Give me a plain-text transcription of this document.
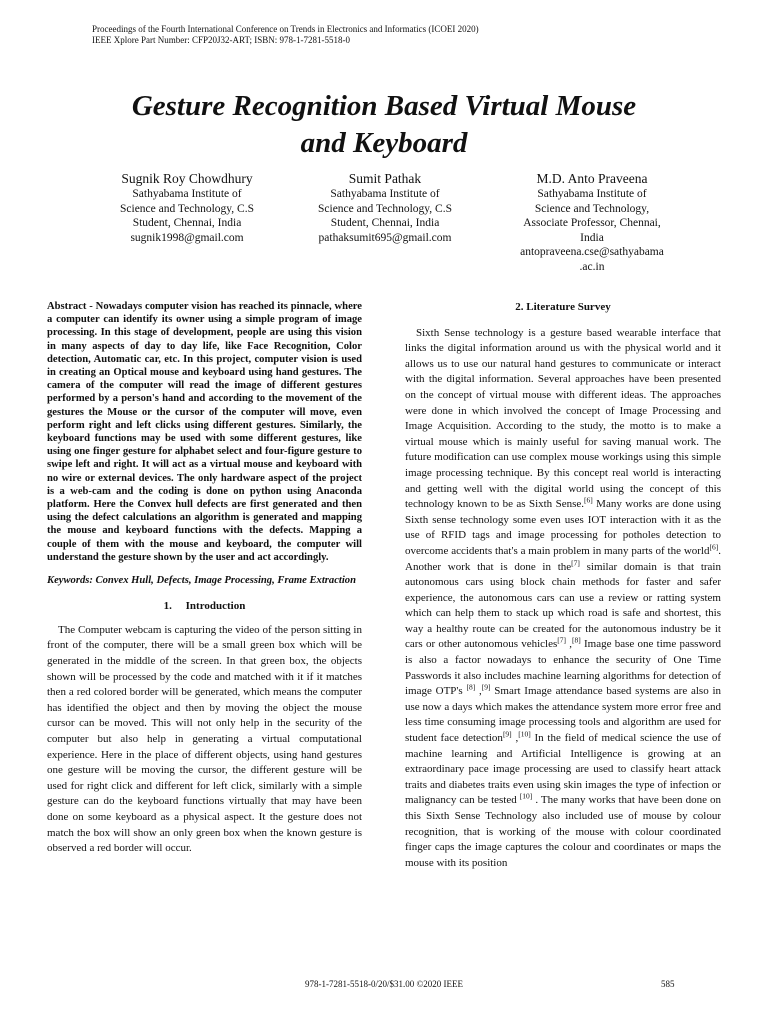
Proceedings of the Fourth International Conference on Trends in Electronics and Informatics (ICOEI 2020)
IEEE Xplore Part Number: CFP20J32-ART; ISBN: 978-1-7281-5518-0
Gesture Recognition Based Virtual Mouse
and Keyboard
Sugnik Roy Chowdhury
Sathyabama Institute of
Science and Technology, C.S
Student, Chennai, India
sugnik1998@gmail.com
Sumit Pathak
Sathyabama Institute of
Science and Technology, C.S
Student, Chennai, India
pathaksumit695@gmail.com
M.D. Anto Praveena
Sathyabama Institute of
Science and Technology,
Associate Professor, Chennai,
India
antopraveena.cse@sathyabama
.ac.in

Abstract - Nowadays computer vision has reached its pinnacle, where a computer can identify its owner using a simple program of image processing. In this stage of development, people are using this vision in many aspects of day to day life, like Face Recognition, Color detection, Automatic car, etc. In this project, computer vision is used in creating an Optical mouse and keyboard using hand gestures. The camera of the computer will read the image of different gestures performed by a person's hand and according to the movement of the gestures the Mouse or the cursor of the computer will move, even perform right and left clicks using different gestures. Similarly, the keyboard functions may be used with some different gestures, like using one finger gesture for alphabet select and four-figure gesture to swipe left and right. It will act as a virtual mouse and keyboard with no wire or external devices. The only hardware aspect of the project is a web-cam and the coding is done on python using Anaconda platform. Here the Convex hull defects are first generated and then using the defect calculations an algorithm is generated and mapping the mouse and keyboard functions with the defects. Mapping a couple of them with the mouse and keyboard, the computer will understand the gesture shown by the user and act accordingly.

Keywords: Convex Hull, Defects, Image Processing, Frame Extraction

1.     Introduction

The Computer webcam is capturing the video of the person sitting in front of the computer, there will be a small green box which will be generated in the middle of the screen. In that green box, the objects shown will be processed by the code and matched with it if it matches then a red colored border will be generated, which means the computer has identified the object and then by moving the object the mouse cursor can be moved. This will not only help in the security of the computer but also help in generating a virtual computational experience. Here in the place of different objects, using hand gestures one gesture will be moving the cursor, the different gesture will be used for right click and different for left click, similarly with a simple gesture can do the keyboard functions virtually that may have been done on some keyboard as a physical aspect. It the gesture does not match the box will show an only green box when the known gesture is observed a red border will occur.

2. Literature Survey

Sixth Sense technology is a gesture based wearable interface that links the digital information around us with the physical world and it allows us to use our natural hand gestures to communicate or interact with the digital information. Several approaches have been presented on the concept of virtual mouse with different ideas. The approaches were done in which involved the concept of Image Processing and Image Acquisition. According to the study, the motto is to make a virtual mouse which is mainly useful for saving manual work. The future modification can use complex mouse workings using this simple image processing technique. By this concept real world is interacting and getting well with the digital world using the concept of this technology known to be as Sixth Sense.[6] Many works are done using Sixth sense technology some even uses IOT interaction with it as the use of RFID tags and image processing for potholes detection to overcome accidents that's a main problem in many parts of the world[6]. Another work that is done in the[7] similar domain is that train autonomous cars using block chain methods for faster and safer experience, the autonomous cars can use a review or ratting system which can help them to stack up which road is safe and shortest, this way a healthy route can be created for the autonomous industry be it cars or other autonomous vehicles[7] ,[8] Image base one time password is also a factor nowadays to enhance the security of One Time Passwords it also includes machine learning algorithms for detection of image OTP's [8] ,[9] Smart Image attendance based systems are also in use now a days which makes the attendance system more error free and less time consuming image processing tools and algorithm are used for student face detection[9] ,[10] In the field of medical science the use of machine learning and Artificial Intelligence is growing at an extraordinary pace image processing are used to classify heart attack traits and diabetes traits even using skin images the type of infection or malignancy can be tested [10] . The many works that have been done on this Sixth Sense Technology also included use of mouse by colour recognition, that is working of the mouse with colour coordinated finger caps the image captures the colour and coordinates or maps the mouse with its position

978-1-7281-5518-0/20/$31.00 ©2020 IEEE	585
